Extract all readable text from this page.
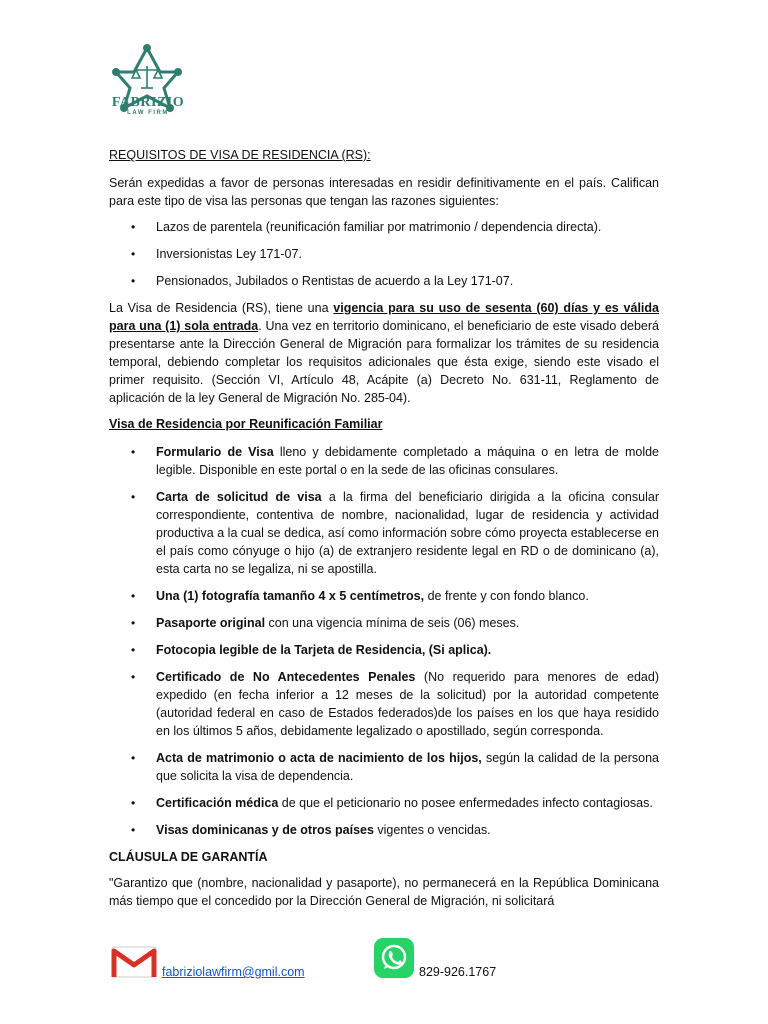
FABRIZIO
LAW FIRM
REQUISITOS DE VISA DE RESIDENCIA (RS):

Serán expedidas a favor de personas interesadas en residir definitivamente en el país. Califican para este tipo de visa las personas que tengan las razones siguientes:

• Lazos de parentela (reunificación familiar por matrimonio / dependencia directa).
• Inversionistas Ley 171-07.
• Pensionados, Jubilados o Rentistas de acuerdo a la Ley 171-07.

La Visa de Residencia (RS), tiene una vigencia para su uso de sesenta (60) días y es válida para una (1) sola entrada. Una vez en territorio dominicano, el beneficiario de este visado deberá presentarse ante la Dirección General de Migración para formalizar los trámites de su residencia temporal, debiendo completar los requisitos adicionales que ésta exige, siendo este visado el primer requisito. (Sección VI, Artículo 48, Acápite (a) Decreto No. 631-11, Reglamento de aplicación de la ley General de Migración No. 285-04).

Visa de Residencia por Reunificación Familiar
• Formulario de Visa lleno y debidamente completado a máquina o en letra de molde legible. Disponible en este portal o en la sede de las oficinas consulares.
• Carta de solicitud de visa a la firma del beneficiario dirigida a la oficina consular correspondiente, contentiva de nombre, nacionalidad, lugar de residencia y actividad productiva a la cual se dedica, así como información sobre cómo proyecta establecerse en el país como cónyuge o hijo (a) de extranjero residente legal en RD o de dominicano (a), esta carta no se legaliza, ni se apostilla.
• Una (1) fotografía tamanño 4 x 5 centímetros, de frente y con fondo blanco.
• Pasaporte original con una vigencia mínima de seis (06) meses.
• Fotocopia legible de la Tarjeta de Residencia, (Si aplica).
• Certificado de No Antecedentes Penales (No requerido para menores de edad) expedido (en fecha inferior a 12 meses de la solicitud) por la autoridad competente (autoridad federal en caso de Estados federados)de los países en los que haya residido en los últimos 5 años, debidamente legalizado o apostillado, según corresponda.
• Acta de matrimonio o acta de nacimiento de los hijos, según la calidad de la persona que solicita la visa de dependencia.
• Certificación médica de que el peticionario no posee enfermedades infecto contagiosas.
• Visas dominicanas y de otros países vigentes o vencidas.
CLÁUSULA DE GARANTÍA

"Garantizo que (nombre, nacionalidad y pasaporte), no permanecerá en la República Dominicana más tiempo que el concedido por la Dirección General de Migración, ni solicitará

fabriziolawfirm@gmil.com	829-926.1767
